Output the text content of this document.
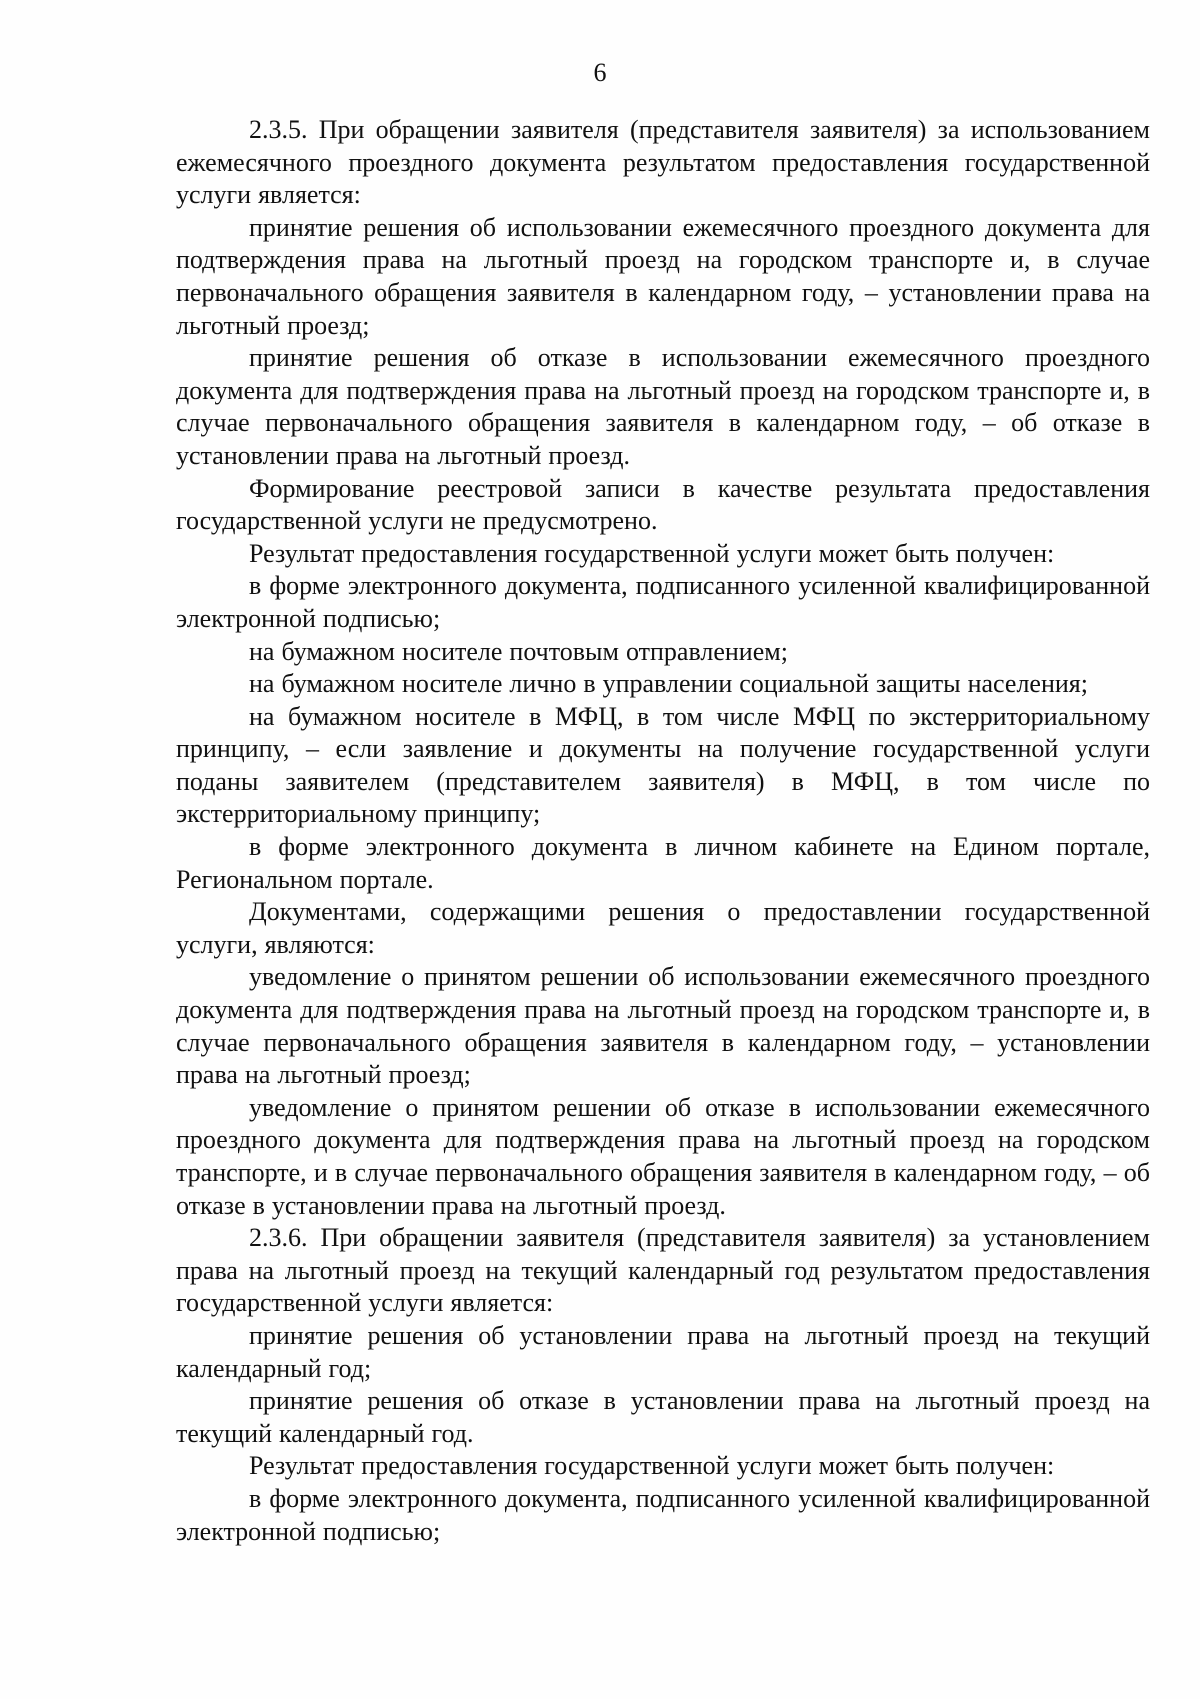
6

2.3.5. При обращении заявителя (представителя заявителя) за использованием ежемесячного проездного документа результатом предоставления государственной услуги является:

принятие решения об использовании ежемесячного проездного документа для подтверждения права на льготный проезд на городском транспорте и, в случае первоначального обращения заявителя в календарном году, – установлении права на льготный проезд;

принятие решения об отказе в использовании ежемесячного проездного документа для подтверждения права на льготный проезд на городском транспорте и, в случае первоначального обращения заявителя в календарном году, – об отказе в установлении права на льготный проезд.

Формирование реестровой записи в качестве результата предоставления государственной услуги не предусмотрено.

Результат предоставления государственной услуги может быть получен:

в форме электронного документа, подписанного усиленной квалифицированной электронной подписью;

на бумажном носителе почтовым отправлением;

на бумажном носителе лично в управлении социальной защиты населения;

на бумажном носителе в МФЦ, в том числе МФЦ по экстерриториальному принципу, – если заявление и документы на получение государственной услуги поданы заявителем (представителем заявителя) в МФЦ, в том числе по экстерриториальному принципу;

в форме электронного документа в личном кабинете на Едином портале, Региональном портале.

Документами, содержащими решения о предоставлении государственной услуги, являются:

уведомление о принятом решении об использовании ежемесячного проездного документа для подтверждения права на льготный проезд на городском транспорте и, в случае первоначального обращения заявителя в календарном году, – установлении права на льготный проезд;

уведомление о принятом решении об отказе в использовании ежемесячного проездного документа для подтверждения права на льготный проезд на городском транспорте, и в случае первоначального обращения заявителя в календарном году, – об отказе в установлении права на льготный проезд.

2.3.6. При обращении заявителя (представителя заявителя) за установлением права на льготный проезд на текущий календарный год результатом предоставления государственной услуги является:

принятие решения об установлении права на льготный проезд на текущий календарный год;

принятие решения об отказе в установлении права на льготный проезд на текущий календарный год.

Результат предоставления государственной услуги может быть получен:

в форме электронного документа, подписанного усиленной квалифицированной электронной подписью;
